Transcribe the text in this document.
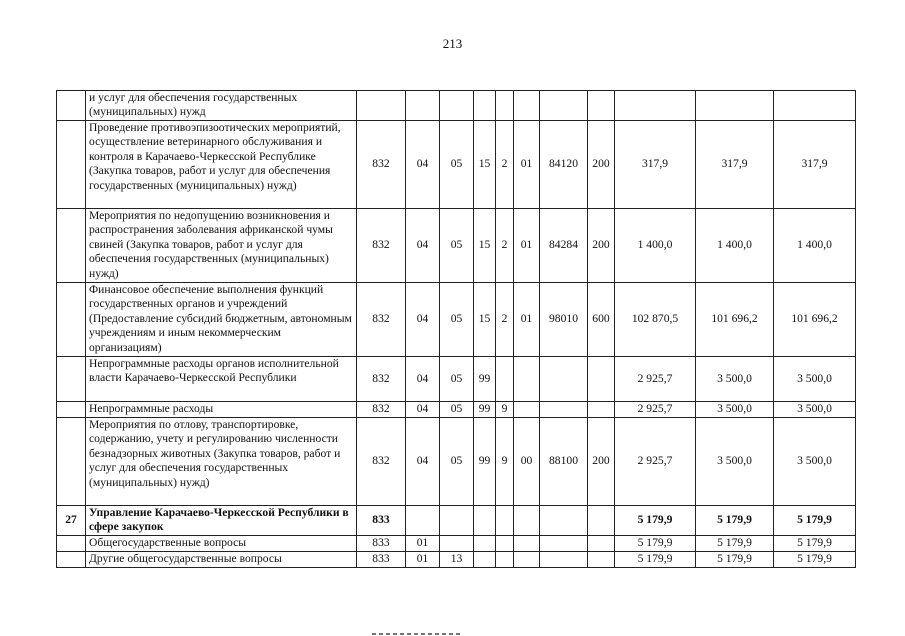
213
	и услуг для обеспечения государственных (муниципальных) нужд											
	Проведение противоэпизоотических мероприятий, осуществление ветеринарного обслуживания и контроля в Карачаево-Черкесской Республике (Закупка товаров, работ и услуг для обеспечения государственных (муниципальных) нужд)	832	04	05	15	2	01	84120	200	317,9	317,9	317,9
	Мероприятия по недопущению возникновения и распространения заболевания африканской чумы свиней (Закупка товаров, работ и услуг для обеспечения государственных (муниципальных) нужд)	832	04	05	15	2	01	84284	200	1 400,0	1 400,0	1 400,0
	Финансовое обеспечение выполнения функций государственных органов и учреждений (Предоставление субсидий бюджетным, автономным учреждениям и иным некоммерческим организациям)	832	04	05	15	2	01	98010	600	102 870,5	101 696,2	101 696,2
	Непрограммные расходы органов исполнительной власти Карачаево-Черкесской Республики	832	04	05	99					2 925,7	3 500,0	3 500,0
	Непрограммные расходы	832	04	05	99	9				2 925,7	3 500,0	3 500,0
	Мероприятия по отлову, транспортировке, содержанию, учету и регулированию численности безнадзорных животных (Закупка товаров, работ и услуг для обеспечения государственных (муниципальных) нужд)	832	04	05	99	9	00	88100	200	2 925,7	3 500,0	3 500,0
27	Управление Карачаево-Черкесской Республики в сфере закупок	833								5 179,9	5 179,9	5 179,9
	Общегосударственные вопросы	833	01							5 179,9	5 179,9	5 179,9
	Другие общегосударственные вопросы	833	01	13						5 179,9	5 179,9	5 179,9
